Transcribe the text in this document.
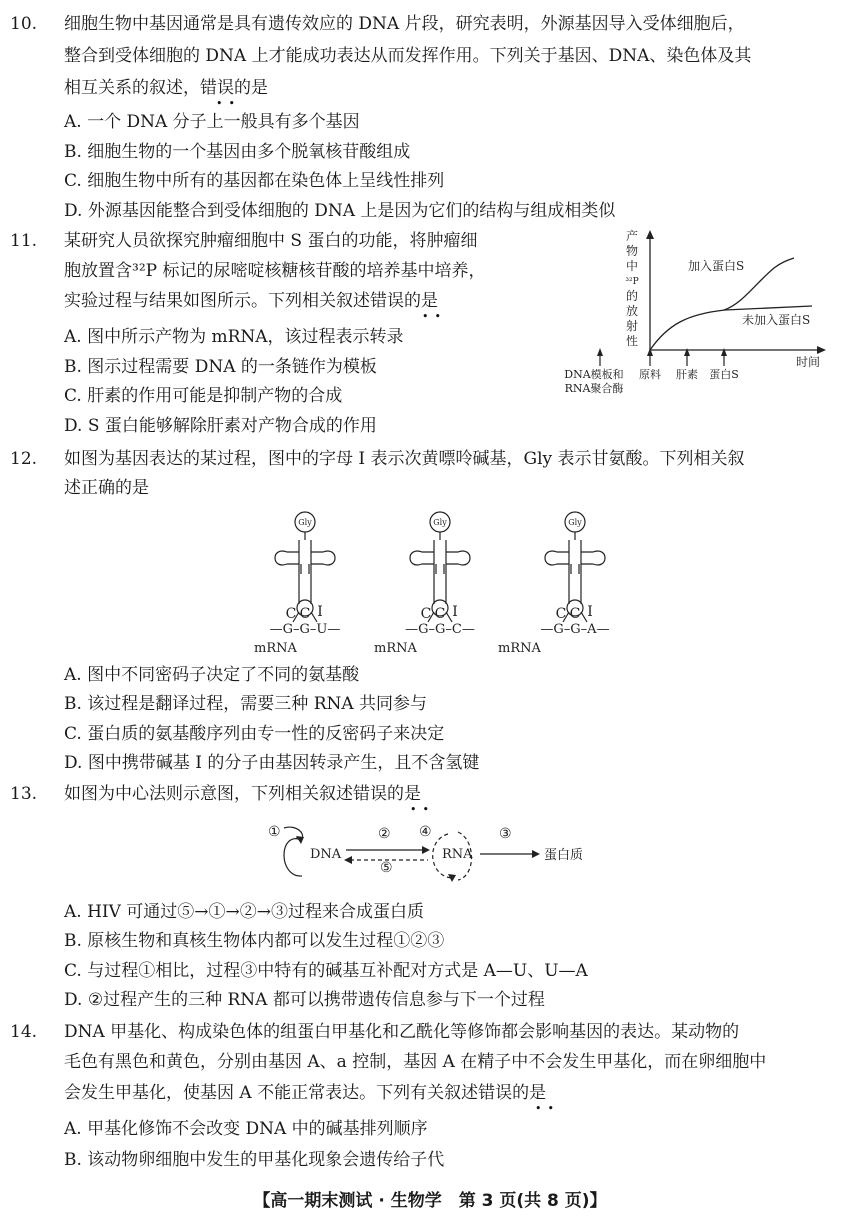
10. 细胞生物中基因通常是具有遗传效应的 DNA 片段，研究表明，外源基因导入受体细胞后，
整合到受体细胞的 DNA 上才能成功表达从而发挥作用。下列关于基因、DNA、染色体及其
相互关系的叙述，错误的是
••
A. 一个 DNA 分子上一般具有多个基因
B. 细胞生物的一个基因由多个脱氧核苷酸组成
C. 细胞生物中所有的基因都在染色体上呈线性排列
D. 外源基因能整合到受体细胞的 DNA 上是因为它们的结构与组成相类似
11. 某研究人员欲探究肿瘤细胞中 S 蛋白的功能，将肿瘤细
胞放置含³²P 标记的尿嘧啶核糖核苷酸的培养基中培养，
实验过程与结果如图所示。下列相关叙述错误的是
••
A. 图中所示产物为 mRNA，该过程表示转录
B. 图示过程需要 DNA 的一条链作为模板
C. 肝素的作用可能是抑制产物的合成
D. S 蛋白能够解除肝素对产物合成的作用
产
物
中
³²P
的
放
射
性
时间
加入蛋白S
未加入蛋白S
DNA模板和
RNA聚合酶
原料 肝素 蛋白S
12. 如图为基因表达的某过程，图中的字母 I 表示次黄嘌呤碱基，Gly 表示甘氨酸。下列相关叙
述正确的是
Gly	Gly	Gly
C C I	C C I	C C I
—G–G–U—	—G–G–C—	—G–G–A—
mRNA	mRNA	mRNA
A. 图中不同密码子决定了不同的氨基酸
B. 该过程是翻译过程，需要三种 RNA 共同参与
C. 蛋白质的氨基酸序列由专一性的反密码子来决定
D. 图中携带碱基 I 的分子由基因转录产生，且不含氢键
13. 如图为中心法则示意图，下列相关叙述错误的是
••
①	② ④	③
⑤
DNA	RNA	蛋白质
A. HIV 可通过⑤→①→②→③过程来合成蛋白质
B. 原核生物和真核生物体内都可以发生过程①②③
C. 与过程①相比，过程③中特有的碱基互补配对方式是 A—U、U—A
D. ②过程产生的三种 RNA 都可以携带遗传信息参与下一个过程
14. DNA 甲基化、构成染色体的组蛋白甲基化和乙酰化等修饰都会影响基因的表达。某动物的
毛色有黑色和黄色，分别由基因 A、a 控制，基因 A 在精子中不会发生甲基化，而在卵细胞中
会发生甲基化，使基因 A 不能正常表达。下列有关叙述错误的是
••
A. 甲基化修饰不会改变 DNA 中的碱基排列顺序
B. 该动物卵细胞中发生的甲基化现象会遗传给子代
【高一期末测试 · 生物学　第 3 页(共 8 页)】
